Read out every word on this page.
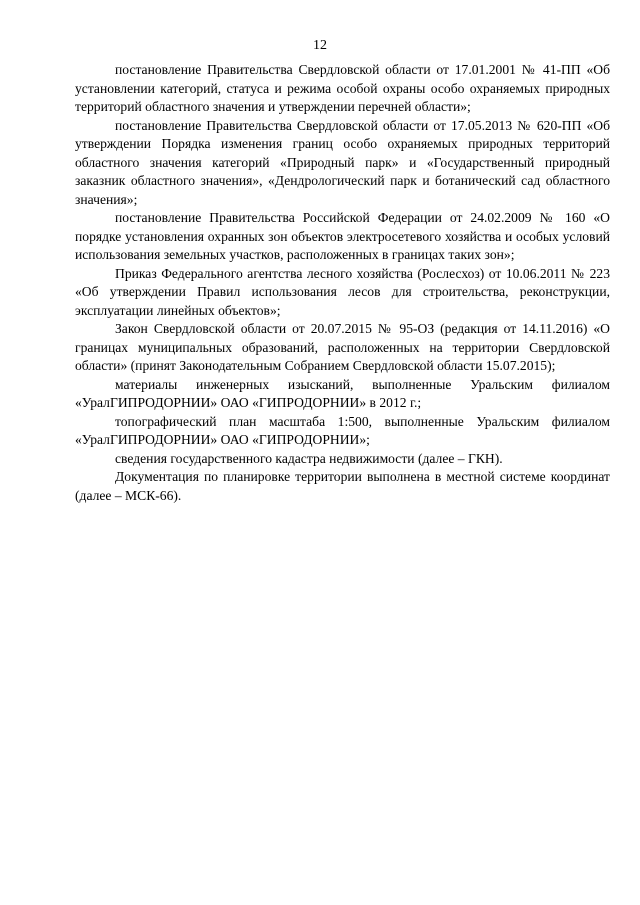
12

постановление Правительства Свердловской области от 17.01.2001 № 41-ПП «Об установлении категорий, статуса и режима особой охраны особо охраняемых природных территорий областного значения и утверждении перечней области»;

постановление Правительства Свердловской области от 17.05.2013 № 620-ПП «Об утверждении Порядка изменения границ особо охраняемых природных территорий областного значения категорий «Природный парк» и «Государственный природный заказник областного значения», «Дендрологический парк и ботанический сад областного значения»;

постановление Правительства Российской Федерации от 24.02.2009 № 160 «О порядке установления охранных зон объектов электросетевого хозяйства и особых условий использования земельных участков, расположенных в границах таких зон»;

Приказ Федерального агентства лесного хозяйства (Рослесхоз) от 10.06.2011 № 223 «Об утверждении Правил использования лесов для строительства, реконструкции, эксплуатации линейных объектов»;

Закон Свердловской области от 20.07.2015 № 95-ОЗ (редакция от 14.11.2016) «О границах муниципальных образований, расположенных на территории Свердловской области» (принят Законодательным Собранием Свердловской области 15.07.2015);

материалы инженерных изысканий, выполненные Уральским филиалом «УралГИПРОДОРНИИ» ОАО «ГИПРОДОРНИИ» в 2012 г.;

топографический план масштаба 1:500, выполненные Уральским филиалом «УралГИПРОДОРНИИ» ОАО «ГИПРОДОРНИИ»;

сведения государственного кадастра недвижимости (далее – ГКН).

Документация по планировке территории выполнена в местной системе координат (далее – МСК-66).
